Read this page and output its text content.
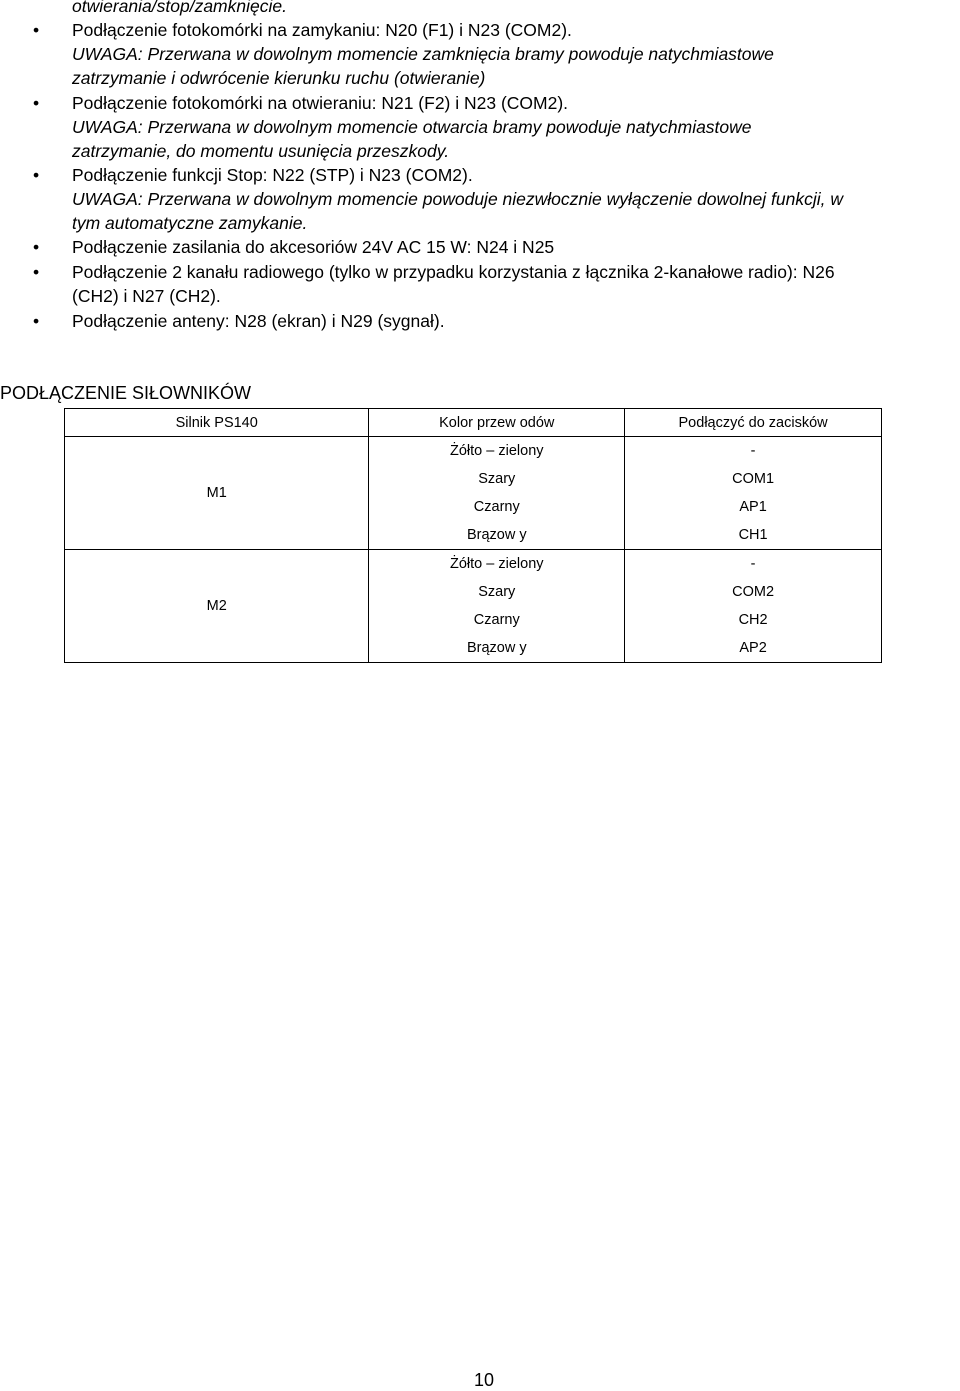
otwierania/stop/zamknięcie.
• Podłączenie fotokomórki na zamykaniu: N20 (F1) i N23 (COM2).
UWAGA: Przerwana w dowolnym momencie zamknięcia bramy powoduje natychmiastowe
zatrzymanie i odwrócenie kierunku ruchu (otwieranie)
• Podłączenie fotokomórki na otwieraniu: N21 (F2) i N23 (COM2).
UWAGA: Przerwana w dowolnym momencie otwarcia bramy powoduje natychmiastowe
zatrzymanie, do momentu usunięcia przeszkody.
• Podłączenie funkcji Stop: N22 (STP) i N23 (COM2).
UWAGA: Przerwana w dowolnym momencie powoduje niezwłocznie wyłączenie dowolnej funkcji, w
tym automatyczne zamykanie.
• Podłączenie zasilania do akcesoriów 24V AC 15 W: N24 i N25
• Podłączenie 2 kanału radiowego (tylko w przypadku korzystania z łącznika 2-kanałowe radio): N26
(CH2) i N27 (CH2).
• Podłączenie anteny: N28 (ekran) i N29 (sygnał).
PODŁĄCZENIE SIŁOWNIKÓW
Silnik PS140	Kolor przew odów	Podłączyć do zacisków
M1	Żółto – zielony	-
	Szary	COM1
	Czarny	AP1
	Brązow y	CH1
M2	Żółto – zielony	-
	Szary	COM2
	Czarny	CH2
	Brązow y	AP2
10
